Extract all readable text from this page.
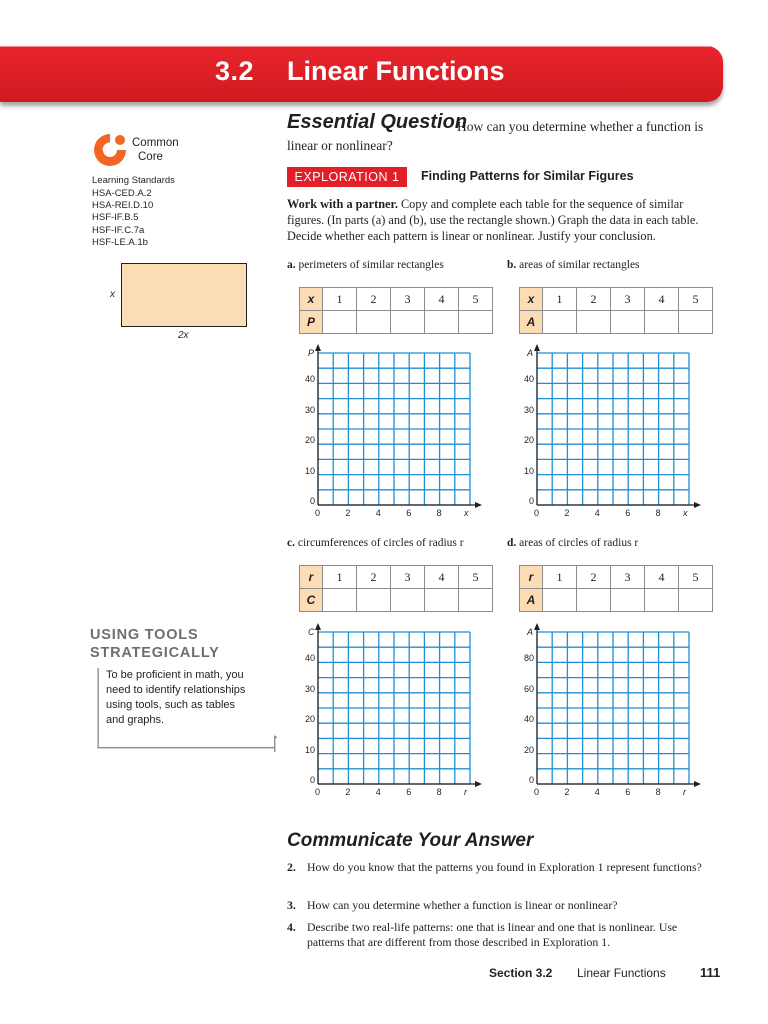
3.2 Linear Functions
Essential Question
How can you determine whether a function is linear or nonlinear?
Common
Core
Learning Standards
HSA-CED.A.2
HSA-REI.D.10
HSF-IF.B.5
HSF-IF.C.7a
HSF-LE.A.1b
x
2x
EXPLORATION 1	Finding Patterns for Similar Figures
Work with a partner. Copy and complete each table for the sequence of similar figures. (In parts (a) and (b), use the rectangle shown.) Graph the data in each table. Decide whether each pattern is linear or nonlinear. Justify your conclusion.
a. perimeters of similar rectangles	b. areas of similar rectangles
c. circumferences of circles of radius r	d. areas of circles of radius r
x	1	2	3	4	5
P					
x	1	2	3	4	5
A					
r	1	2	3	4	5
C					
r	1	2	3	4	5
A					
0
10
20
30
40
0	2	4	6	8
P
x
0
10
20
30
40
0	2	4	6	8
A
x
0
10
20
30
40
0	2	4	6	8
C
r
0
20
40
60
80
0	2	4	6	8
A
r
USING TOOLS
STRATEGICALLY
To be proficient in math, you need to identify relationships using tools, such as tables and graphs.
Communicate Your Answer
2. How do you know that the patterns you found in Exploration 1 represent functions?
3. How can you determine whether a function is linear or nonlinear?
4. Describe two real-life patterns: one that is linear and one that is nonlinear. Use patterns that are different from those described in Exploration 1.
Section 3.2 Linear Functions	111
